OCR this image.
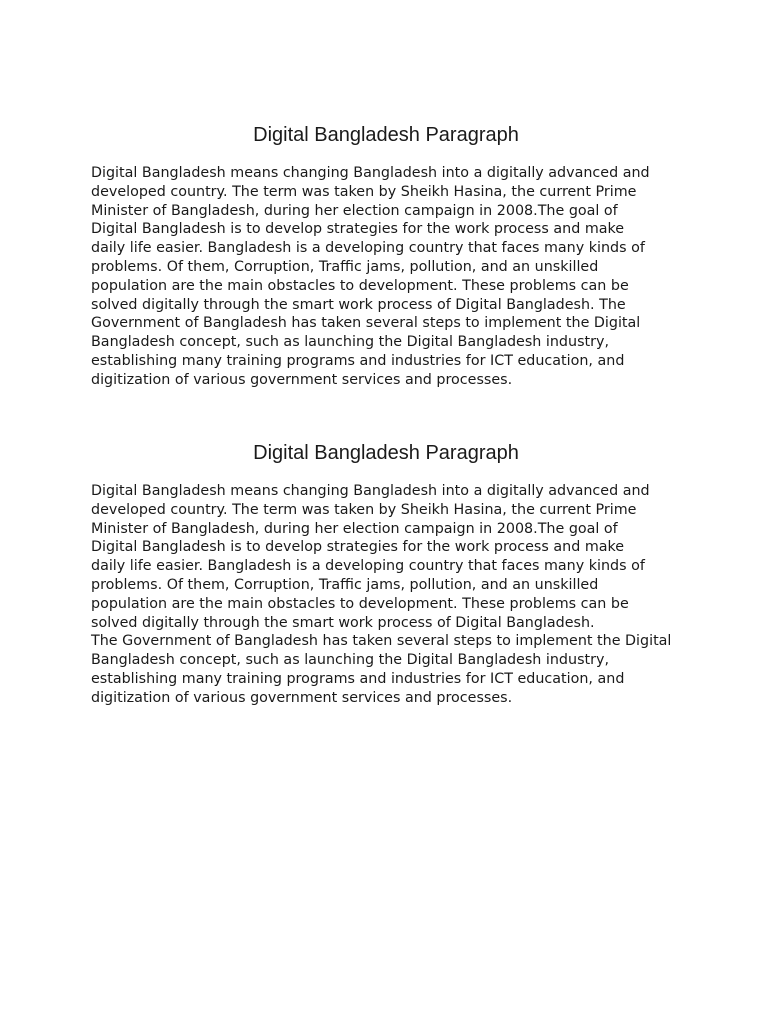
Digital Bangladesh Paragraph

Digital Bangladesh means changing Bangladesh into a digitally advanced and

developed country. The term was taken by Sheikh Hasina, the current Prime

Minister of Bangladesh, during her election campaign in 2008.The goal of

Digital Bangladesh is to develop strategies for the work process and make

daily life easier. Bangladesh is a developing country that faces many kinds of

problems. Of them, Corruption, Traffic jams, pollution, and an unskilled

population are the main obstacles to development. These problems can be

solved digitally through the smart work process of Digital Bangladesh. The

Government of Bangladesh has taken several steps to implement the Digital

Bangladesh concept, such as launching the Digital Bangladesh industry,

establishing many training programs and industries for ICT education, and

digitization of various government services and processes.

Digital Bangladesh Paragraph

Digital Bangladesh means changing Bangladesh into a digitally advanced and

developed country. The term was taken by Sheikh Hasina, the current Prime

Minister of Bangladesh, during her election campaign in 2008.The goal of

Digital Bangladesh is to develop strategies for the work process and make

daily life easier. Bangladesh is a developing country that faces many kinds of

problems. Of them, Corruption, Traffic jams, pollution, and an unskilled

population are the main obstacles to development. These problems can be

solved digitally through the smart work process of Digital Bangladesh.

The Government of Bangladesh has taken several steps to implement the Digital

Bangladesh concept, such as launching the Digital Bangladesh industry,

establishing many training programs and industries for ICT education, and

digitization of various government services and processes.
